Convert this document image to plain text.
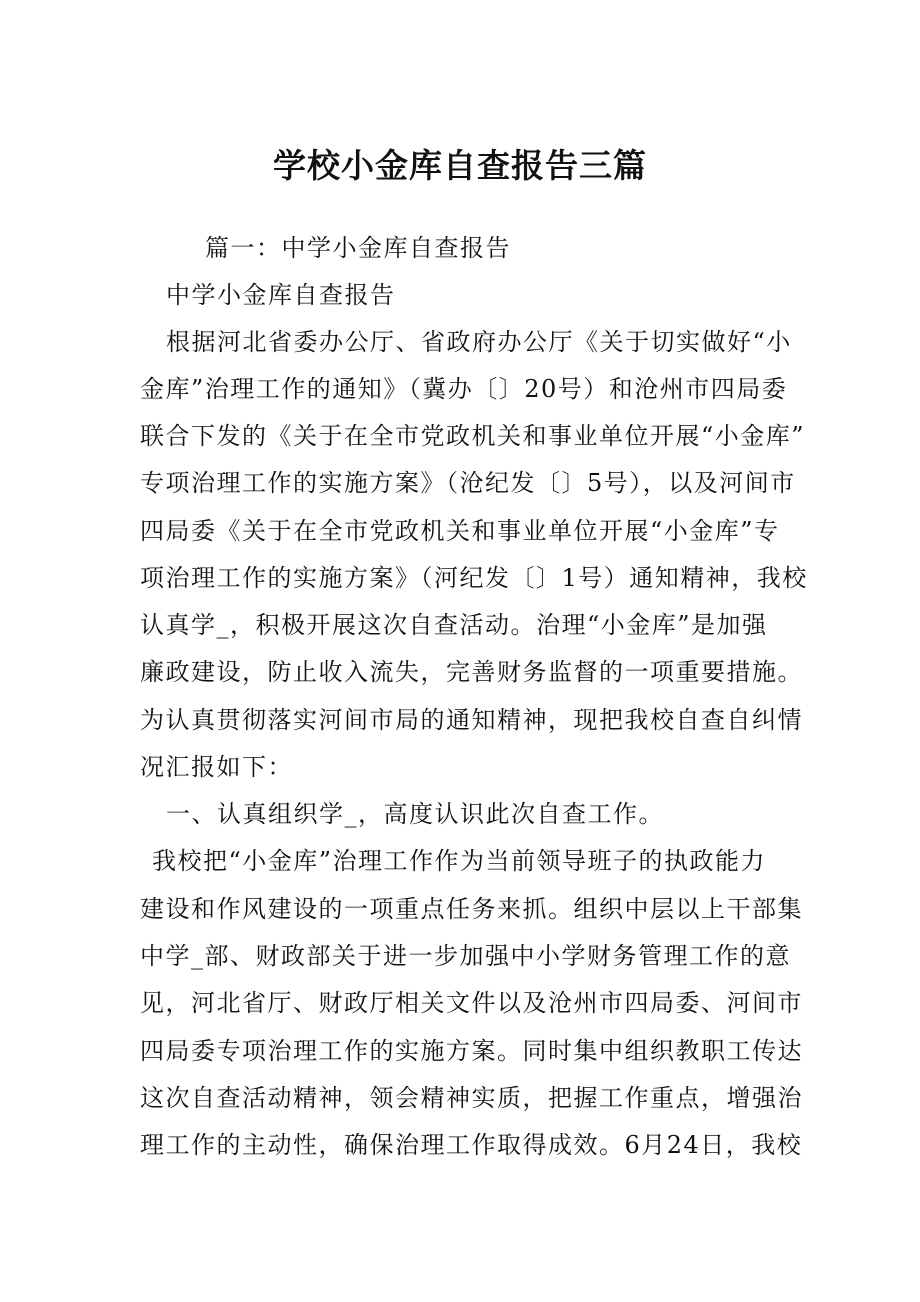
学校小金库自查报告三篇

篇一：中学小金库自查报告

中学小金库自查报告

根据河北省委办公厅、省政府办公厅《关于切实做好“小

金库”治理工作的通知》（冀办〔〕20号）和沧州市四局委

联合下发的《关于在全市党政机关和事业单位开展“小金库”

专项治理工作的实施方案》（沧纪发〔〕5号），以及河间市

四局委《关于在全市党政机关和事业单位开展“小金库”专

项治理工作的实施方案》（河纪发〔〕1号）通知精神，我校

认真学_，积极开展这次自查活动。治理“小金库”是加强

廉政建设，防止收入流失，完善财务监督的一项重要措施。

为认真贯彻落实河间市局的通知精神，现把我校自查自纠情

况汇报如下：

一、认真组织学_，高度认识此次自查工作。

我校把“小金库”治理工作作为当前领导班子的执政能力

建设和作风建设的一项重点任务来抓。组织中层以上干部集

中学_部、财政部关于进一步加强中小学财务管理工作的意

见，河北省厅、财政厅相关文件以及沧州市四局委、河间市

四局委专项治理工作的实施方案。同时集中组织教职工传达

这次自查活动精神，领会精神实质，把握工作重点，增强治

理工作的主动性，确保治理工作取得成效。6月24日，我校
